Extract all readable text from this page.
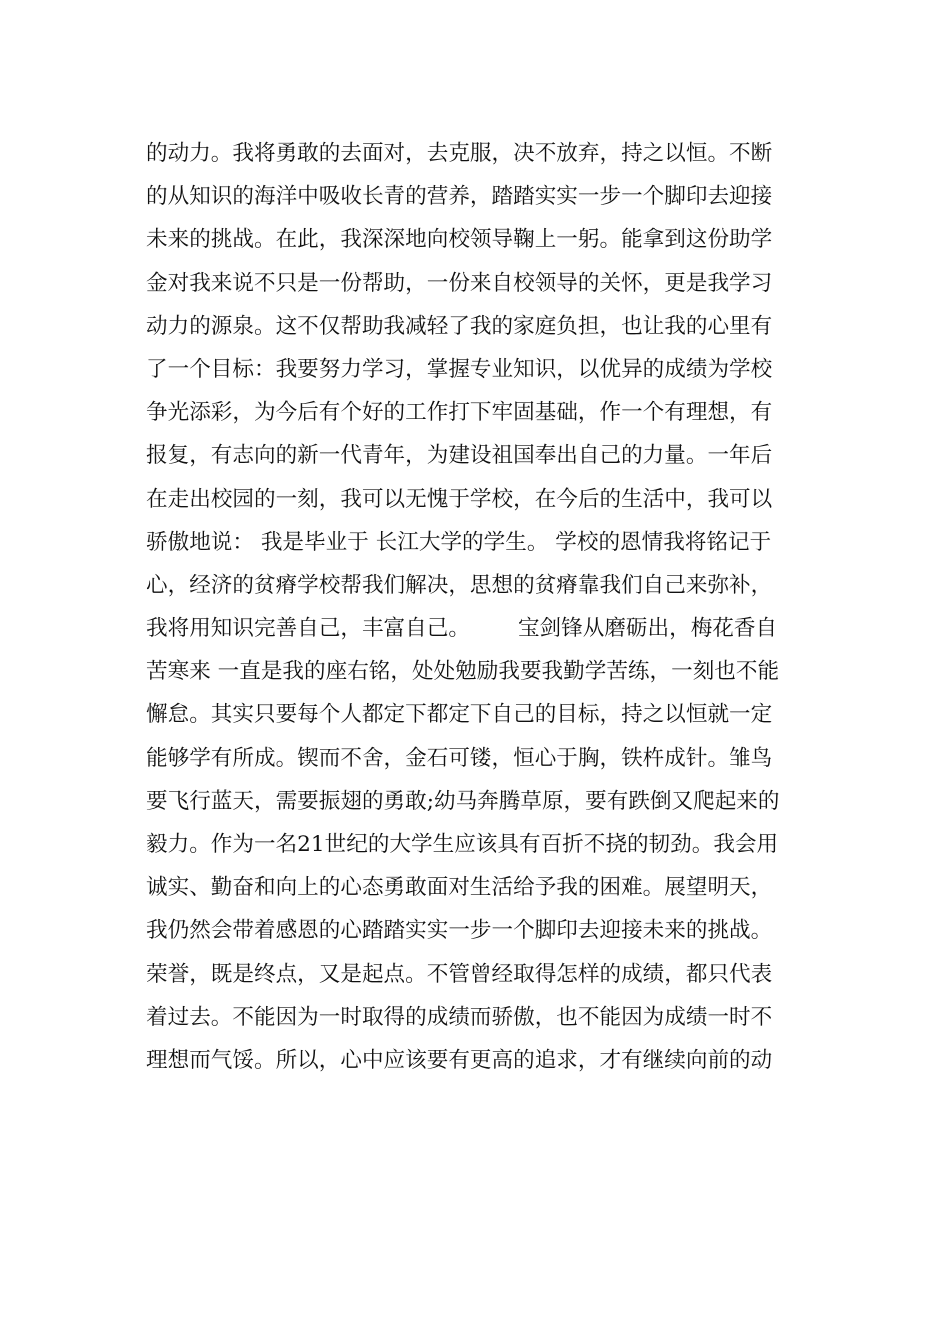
的动力。我将勇敢的去面对，去克服，决不放弃，持之以恒。不断
的从知识的海洋中吸收长青的营养，踏踏实实一步一个脚印去迎接
未来的挑战。在此，我深深地向校领导鞠上一躬。能拿到这份助学
金对我来说不只是一份帮助，一份来自校领导的关怀，更是我学习
动力的源泉。这不仅帮助我减轻了我的家庭负担，也让我的心里有
了一个目标：我要努力学习，掌握专业知识，以优异的成绩为学校
争光添彩，为今后有个好的工作打下牢固基础，作一个有理想，有
报复，有志向的新一代青年，为建设祖国奉出自己的力量。一年后
在走出校园的一刻，我可以无愧于学校，在今后的生活中，我可以
骄傲地说： 我是毕业于 长江大学的学生。 学校的恩情我将铭记于
心，经济的贫瘠学校帮我们解决，思想的贫瘠靠我们自己来弥补，
我将用知识完善自己，丰富自己。       宝剑锋从磨砺出，梅花香自
苦寒来 一直是我的座右铭，处处勉励我要我勤学苦练，一刻也不能
懈怠。其实只要每个人都定下都定下自己的目标，持之以恒就一定
能够学有所成。锲而不舍，金石可镂，恒心于胸，铁杵成针。雏鸟
要飞行蓝天，需要振翅的勇敢;幼马奔腾草原，要有跌倒又爬起来的
毅力。作为一名21世纪的大学生应该具有百折不挠的韧劲。我会用
诚实、勤奋和向上的心态勇敢面对生活给予我的困难。展望明天，
我仍然会带着感恩的心踏踏实实一步一个脚印去迎接未来的挑战。
荣誉，既是终点，又是起点。不管曾经取得怎样的成绩，都只代表
着过去。不能因为一时取得的成绩而骄傲，也不能因为成绩一时不
理想而气馁。所以，心中应该要有更高的追求，才有继续向前的动
